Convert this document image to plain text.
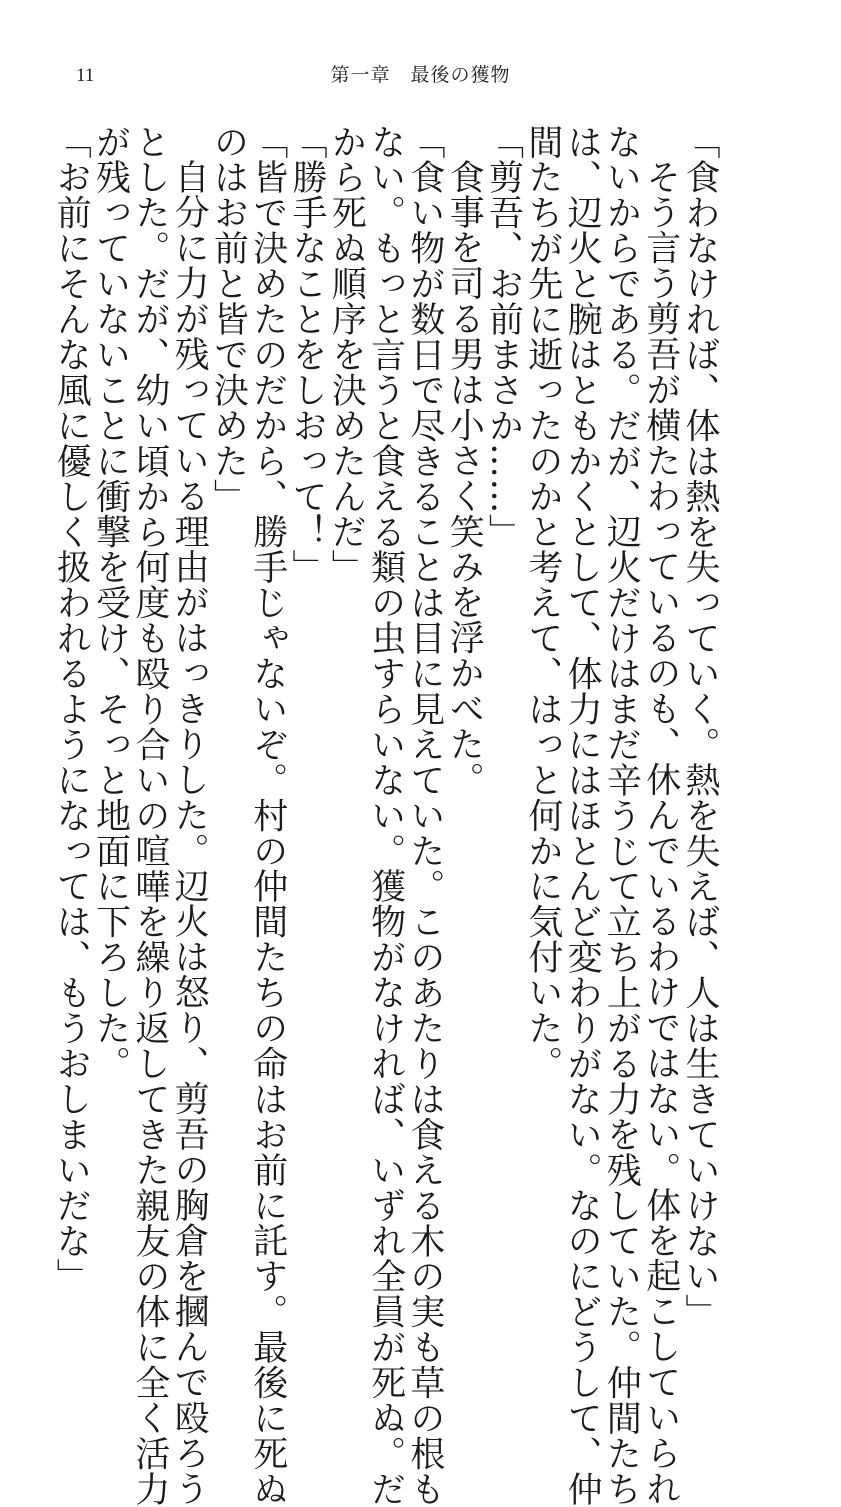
11	第一章　最後の獲物

「食わなければ、体は熱を失っていく。熱を失えば、人は生きていけない」

そう言う剪吾が横たわっているのも、休んでいるわけではない。体を起こしていられ
ないからである。だが、辺火だけはまだ辛うじて立ち上がる力を残していた。仲間たち
は、辺火と腕はともかくとして、体力にはほとんど変わりがない。なのにどうして、仲
間たちが先に逝ったのかと考えて、はっと何かに気付いた。

「剪吾、お前まさか……」

食事を司る男は小さく笑みを浮かべた。

「食い物が数日で尽きることは目に見えていた。このあたりは食える木の実も草の根も
ない。もっと言うと食える類の虫すらいない。獲物がなければ、いずれ全員が死ぬ。だ
から死ぬ順序を決めたんだ」

「勝手なことをしおって！」

「皆で決めたのだから、勝手じゃないぞ。村の仲間たちの命はお前に託す。最後に死ぬ
のはお前と皆で決めた」

自分に力が残っている理由がはっきりした。辺火は怒り、剪吾の胸倉を摑んで殴ろう
とした。だが、幼い頃から何度も殴り合いの喧嘩を繰り返してきた親友の体に全く活力
が残っていないことに衝撃を受け、そっと地面に下ろした。

「お前にそんな風に優しく扱われるようになっては、もうおしまいだな」
